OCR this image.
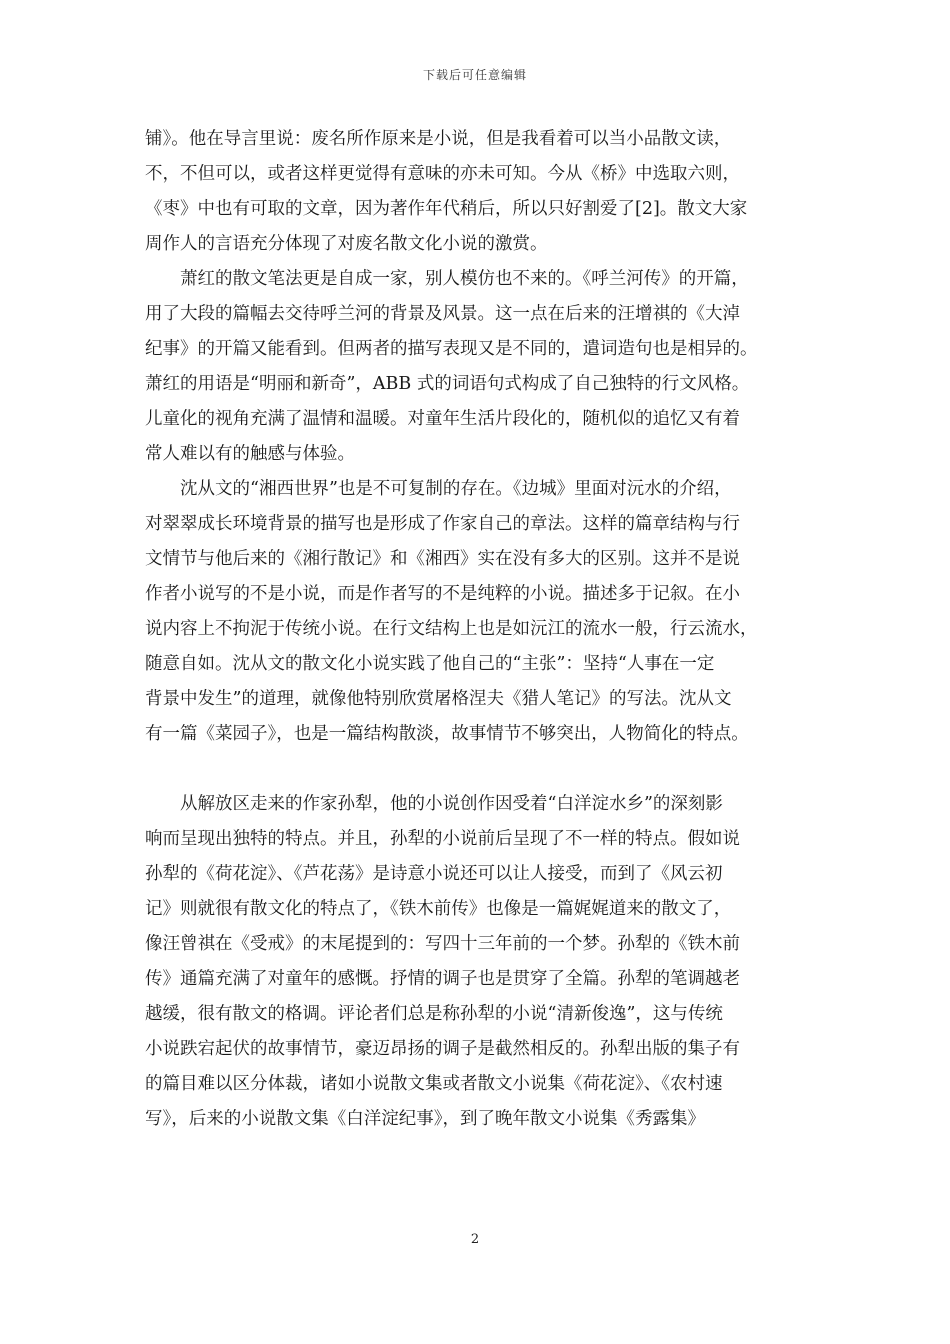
下载后可任意编辑
铺》。他在导言里说：废名所作原来是小说，但是我看着可以当小品散文读，
不，不但可以，或者这样更觉得有意味的亦未可知。今从《桥》中选取六则，
《枣》中也有可取的文章，因为著作年代稍后，所以只好割爱了[2]。散文大家
周作人的言语充分体现了对废名散文化小说的激赏。
　　萧红的散文笔法更是自成一家，别人模仿也不来的。《呼兰河传》的开篇，
用了大段的篇幅去交待呼兰河的背景及风景。这一点在后来的汪增祺的《大淖
纪事》的开篇又能看到。但两者的描写表现又是不同的，遣词造句也是相异的。
萧红的用语是“明丽和新奇”，ABB 式的词语句式构成了自己独特的行文风格。
儿童化的视角充满了温情和温暖。对童年生活片段化的，随机似的追忆又有着
常人难以有的触感与体验。
　　沈从文的“湘西世界”也是不可复制的存在。《边城》里面对沅水的介绍，
对翠翠成长环境背景的描写也是形成了作家自己的章法。这样的篇章结构与行
文情节与他后来的《湘行散记》和《湘西》实在没有多大的区别。这并不是说
作者小说写的不是小说，而是作者写的不是纯粹的小说。描述多于记叙。在小
说内容上不拘泥于传统小说。在行文结构上也是如沅江的流水一般，行云流水，
随意自如。沈从文的散文化小说实践了他自己的“主张”：坚持“人事在一定
背景中发生”的道理，就像他特别欣赏屠格涅夫《猎人笔记》的写法。沈从文
有一篇《菜园子》，也是一篇结构散淡，故事情节不够突出，人物简化的特点。
　　从解放区走来的作家孙犁，他的小说创作因受着“白洋淀水乡”的深刻影
响而呈现出独特的特点。并且，孙犁的小说前后呈现了不一样的特点。假如说
孙犁的《荷花淀》、《芦花荡》是诗意小说还可以让人接受，而到了《风云初
记》则就很有散文化的特点了，《铁木前传》也像是一篇娓娓道来的散文了，
像汪曾祺在《受戒》的末尾提到的：写四十三年前的一个梦。孙犁的《铁木前
传》通篇充满了对童年的感慨。抒情的调子也是贯穿了全篇。孙犁的笔调越老
越缓，很有散文的格调。评论者们总是称孙犁的小说“清新俊逸”，这与传统
小说跌宕起伏的故事情节，豪迈昂扬的调子是截然相反的。孙犁出版的集子有
的篇目难以区分体裁，诸如小说散文集或者散文小说集《荷花淀》、《农村速
写》，后来的小说散文集《白洋淀纪事》，到了晚年散文小说集《秀露集》
2
